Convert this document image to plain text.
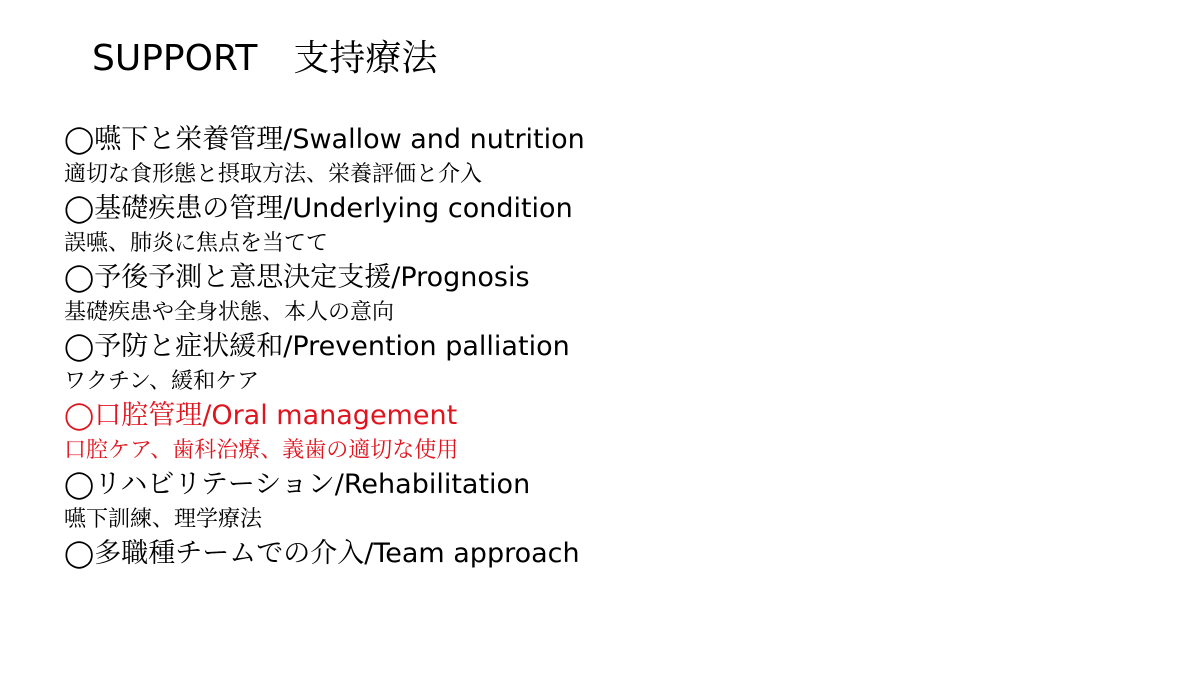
SUPPORT　支持療法
◯嚥下と栄養管理/Swallow and nutrition
適切な食形態と摂取方法、栄養評価と介入
◯基礎疾患の管理/Underlying condition
誤嚥、肺炎に焦点を当てて
◯予後予測と意思決定支援/Prognosis
基礎疾患や全身状態、本人の意向
◯予防と症状緩和/Prevention palliation
ワクチン、緩和ケア
◯口腔管理/Oral management
口腔ケア、歯科治療、義歯の適切な使用
◯リハビリテーション/Rehabilitation
嚥下訓練、理学療法
◯多職種チームでの介入/Team approach
